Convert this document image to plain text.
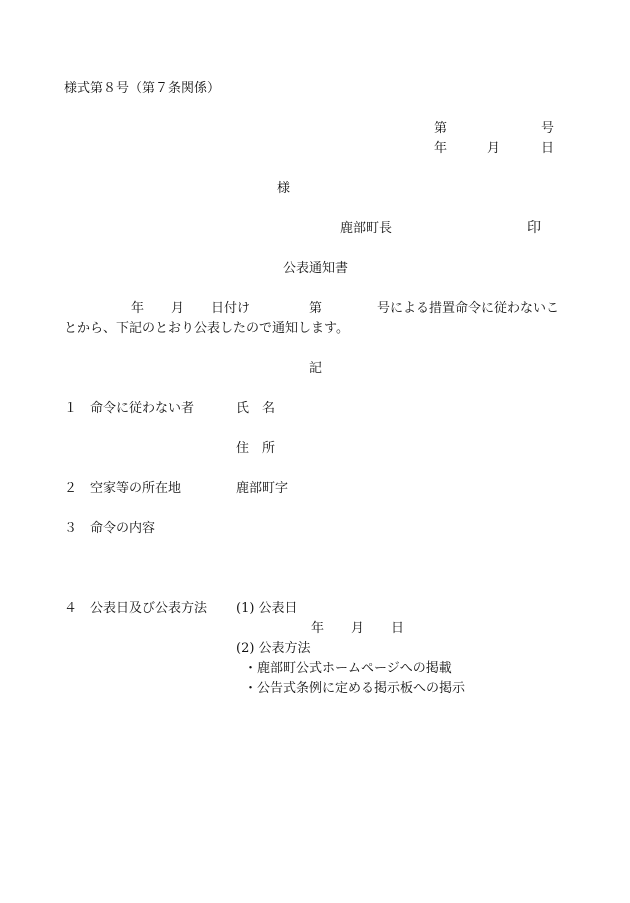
様式第８号（第７条関係）
第	号
年	月	日
様
鹿部町長	印
公表通知書
年 月 日付け	第	号による措置命令に従わないこ
とから、下記のとおり公表したので通知します。
記
１ 命令に従わない者	氏　名
住　所
２ 空家等の所在地	鹿部町字
３ 命令の内容
４ 公表日及び公表方法 (1) 公表日
年 月 日
(2) 公表方法
・鹿部町公式ホームページへの掲載
・公告式条例に定める掲示板への掲示
